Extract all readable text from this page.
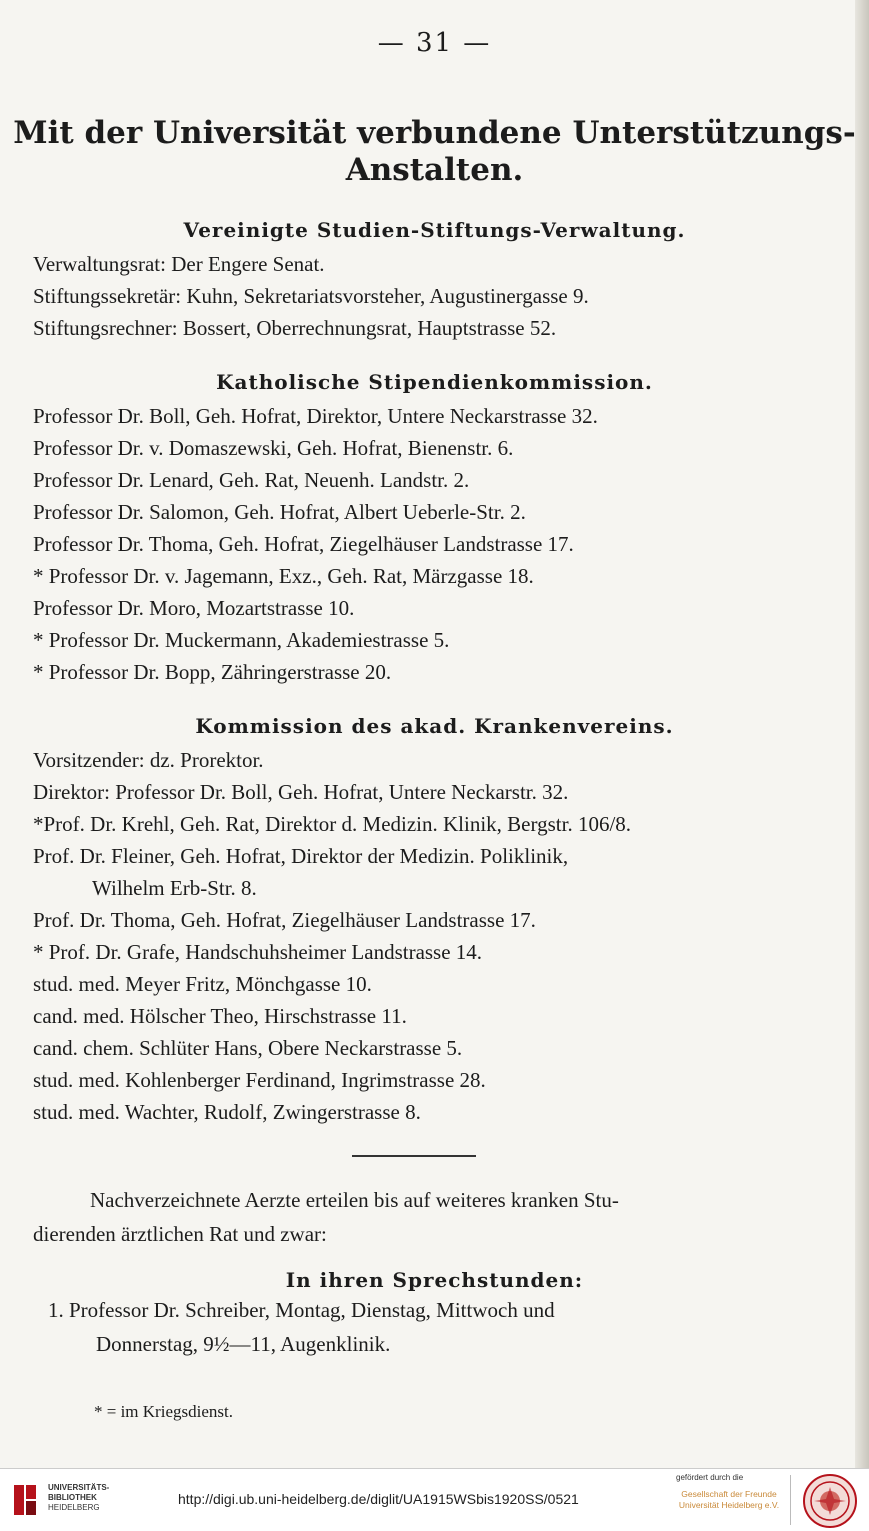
— 31 —
Mit der Universität verbundene Unterstützungs-
Anstalten.
Vereinigte Studien-Stiftungs-Verwaltung.
Verwaltungsrat: Der Engere Senat.
Stiftungssekretär: Kuhn, Sekretariatsvorsteher, Augustinergasse 9.
Stiftungsrechner: Bossert, Oberrechnungsrat, Hauptstrasse 52.
Katholische Stipendienkommission.
Professor Dr. Boll, Geh. Hofrat, Direktor, Untere Neckarstrasse 32.
Professor Dr. v. Domaszewski, Geh. Hofrat, Bienenstr. 6.
Professor Dr. Lenard, Geh. Rat, Neuenh. Landstr. 2.
Professor Dr. Salomon, Geh. Hofrat, Albert Ueberle-Str. 2.
Professor Dr. Thoma, Geh. Hofrat, Ziegelhäuser Landstrasse 17.
* Professor Dr. v. Jagemann, Exz., Geh. Rat, Märzgasse 18.
Professor Dr. Moro, Mozartstrasse 10.
* Professor Dr. Muckermann, Akademiestrasse 5.
* Professor Dr. Bopp, Zähringerstrasse 20.
Kommission des akad. Krankenvereins.
Vorsitzender: dz. Prorektor.
Direktor: Professor Dr. Boll, Geh. Hofrat, Untere Neckarstr. 32.
*Prof. Dr. Krehl, Geh. Rat, Direktor d. Medizin. Klinik, Bergstr. 106/8.
Prof. Dr. Fleiner, Geh. Hofrat, Direktor der Medizin. Poliklinik,
Wilhelm Erb-Str. 8.
Prof. Dr. Thoma, Geh. Hofrat, Ziegelhäuser Landstrasse 17.
* Prof. Dr. Grafe, Handschuhsheimer Landstrasse 14.
stud. med. Meyer Fritz, Mönchgasse 10.
cand. med. Hölscher Theo, Hirschstrasse 11.
cand. chem. Schlüter Hans, Obere Neckarstrasse 5.
stud. med. Kohlenberger Ferdinand, Ingrimstrasse 28.
stud. med. Wachter, Rudolf, Zwingerstrasse 8.
Nachverzeichnete Aerzte erteilen bis auf weiteres kranken Stu-
dierenden ärztlichen Rat und zwar:
In ihren Sprechstunden:
1. Professor Dr. Schreiber, Montag, Dienstag, Mittwoch und
Donnerstag, 9½—11, Augenklinik.
* = im Kriegsdienst.
UNIVERSITÄTS-
BIBLIOTHEK
HEIDELBERG
http://digi.ub.uni-heidelberg.de/diglit/UA1915WSbis1920SS/0521
gefördert durch die
Gesellschaft der Freunde
Universität Heidelberg e.V.
